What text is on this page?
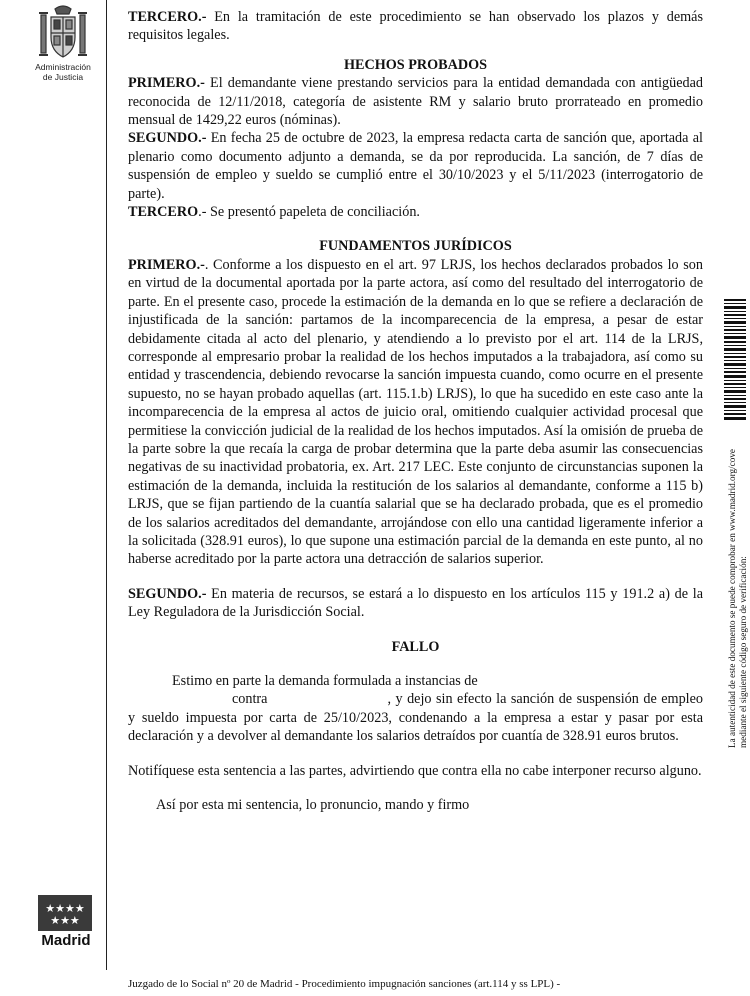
Administración
de Justicia
★★★★
★★★
Madrid
La autenticidad de este documento se puede comprobar en www.madrid.org/cove mediante el siguiente código seguro de verificación:

TERCERO.- En la tramitación de este procedimiento se han observado los plazos y demás requisitos legales.

HECHOS PROBADOS

PRIMERO.- El demandante viene prestando servicios para la entidad demandada con antigüedad reconocida de 12/11/2018, categoría de asistente RM y salario bruto prorrateado en promedio mensual de 1429,22 euros (nóminas).

SEGUNDO.- En fecha 25 de octubre de 2023, la empresa redacta carta de sanción que, aportada al plenario como documento adjunto a demanda, se da por reproducida. La sanción, de 7 días de suspensión de empleo y sueldo se cumplió entre el 30/10/2023 y el 5/11/2023 (interrogatorio de parte).

TERCERO.- Se presentó papeleta de conciliación.

FUNDAMENTOS JURÍDICOS

PRIMERO.-. Conforme a los dispuesto en el art. 97 LRJS, los hechos declarados probados lo son en virtud de la documental aportada por la parte actora, así como del resultado del interrogatorio de parte. En el presente caso, procede la estimación de la demanda en lo que se refiere a declaración de injustificada de la sanción: partamos de la incomparecencia de la empresa, a pesar de estar debidamente citada al acto del plenario, y atendiendo a lo previsto por el art. 114 de la LRJS, corresponde al empresario probar la realidad de los hechos imputados a la trabajadora, así como su entidad y trascendencia, debiendo revocarse la sanción impuesta cuando, como ocurre en el presente supuesto, no se hayan probado aquellas (art. 115.1.b) LRJS), lo que ha sucedido en este caso ante la incomparecencia de la empresa al actos de juicio oral, omitiendo cualquier actividad procesal que permitiese la convicción judicial de la realidad de los hechos imputados. Así la omisión de prueba de la parte sobre la que recaía la carga de probar determina que la parte deba asumir las consecuencias negativas de su inactividad probatoria, ex. Art. 217 LEC. Este conjunto de circunstancias suponen la estimación de la demanda, incluida la restitución de los salarios al demandante, conforme a 115 b) LRJS, que se fijan partiendo de la cuantía salarial que se ha declarado probada, que es el promedio de los salarios acreditados del demandante, arrojándose con ello una cantidad ligeramente inferior a la solicitada (328.91 euros), lo que supone una estimación parcial de la demanda en este punto, al no haberse acreditado por la parte actora una detracción de salarios superior.

SEGUNDO.- En materia de recursos, se estará a lo dispuesto en los artículos 115 y 191.2 a) de la Ley Reguladora de la Jurisdicción Social.

FALLO

Estimo en parte la demanda formulada a instancias de

contra	, y dejo sin efecto la sanción de suspensión de empleo y sueldo impuesta por carta de 25/10/2023, condenando a la empresa a estar y pasar por esta declaración y a devolver al demandante los salarios detraídos por cuantía de 328.91 euros brutos.

Notifíquese esta sentencia a las partes, advirtiendo que contra ella no cabe interponer recurso alguno.

Así por esta mi sentencia, lo pronuncio, mando y firmo

Juzgado de lo Social nº 20 de Madrid - Procedimiento impugnación sanciones (art.114 y ss LPL) -
